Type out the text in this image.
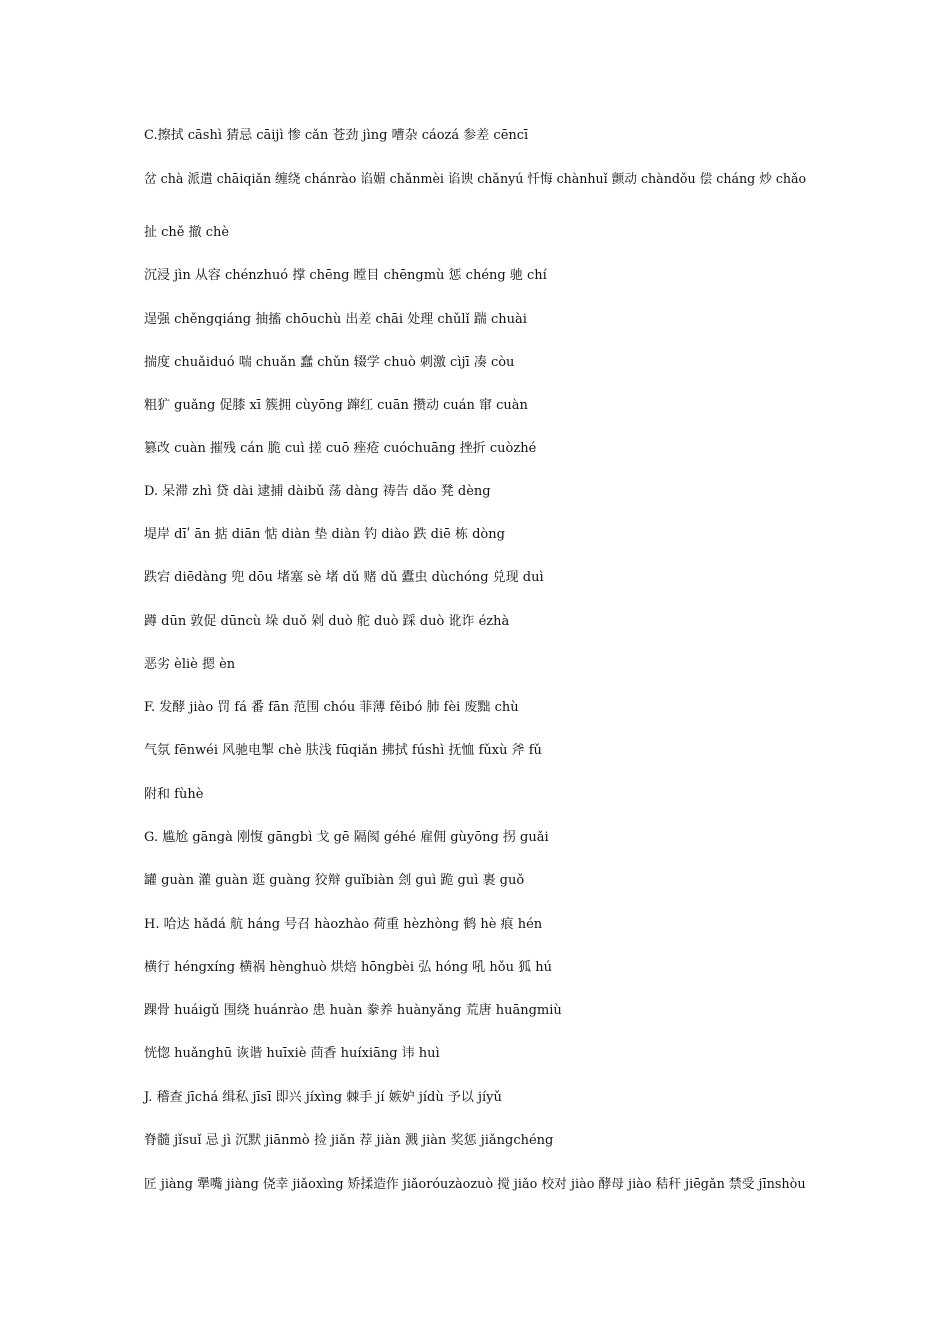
C.擦拭 cāshì 猜忌 cāijì 惨 cǎn 苍劲 jìng 嘈杂 cáozá 参差 cēncī
岔 chà 派遣 chāiqiǎn 缠绕 chánrào 谄媚 chǎnmèi 谄谀 chǎnyú 忏悔 chànhuǐ 颤动 chàndǒu 偿 cháng 炒 chǎo
扯 chě 撤 chè
沉浸 jìn 从容 chénzhuó 撑 chēng 瞠目 chēngmù 惩 chéng 驰 chí
逞强 chěngqiáng 抽搐 chōuchù 出差 chāi 处理 chǔlǐ 踹 chuài
揣度 chuǎiduó 喘 chuǎn 蠢 chǔn 辍学 chuò 刺激 cìjī 凑 còu
粗犷 guǎng 促膝 xī 簇拥 cùyōng 蹿红 cuān 攒动 cuán 窜 cuàn
篡改 cuàn 摧残 cán 脆 cuì 搓 cuō 痤疮 cuóchuāng 挫折 cuòzhé
D. 呆滞 zhì 贷 dài 逮捕 dàibǔ 荡 dàng 祷告 dǎo 凳 dèng
堤岸 dīʹ ān 掂 diān 惦 diàn 垫 diàn 钓 diào 跌 diē 栋 dòng
跌宕 diēdàng 兜 dōu 堵塞 sè 堵 dǔ 赌 dǔ 蠹虫 dùchóng 兑现 duì
蹲 dūn 敦促 dūncù 垛 duǒ 剁 duò 舵 duò 踩 duò 讹诈 ézhà
恶劣 èliè 摁 èn
F. 发酵 jiào 罚 fá 番 fān 范围 chóu 菲薄 fěibó 肺 fèi 废黜 chù
气氛 fēnwéi 风驰电掣 chè 肤浅 fūqiǎn 拂拭 fúshì 抚恤 fǔxù 斧 fǔ
附和 fùhè
G. 尴尬 gāngà 刚愎 gāngbì 戈 gē 隔阂 géhé 雇佣 gùyōng 拐 guǎi
罐 guàn 灌 guàn 逛 guàng 狡辩 guǐbiàn 刽 guì 跪 guì 裹 guǒ
H. 哈达 hǎdá 航 háng 号召 hàozhào 荷重 hèzhòng 鹤 hè 痕 hén
横行 héngxíng 横祸 hènghuò 烘焙 hōngbèi 弘 hóng 吼 hǒu 狐 hú
踝骨 huáigǔ 围绕 huánrào 患 huàn 豢养 huànyǎng 荒唐 huāngmiù
恍惚 huǎnghū 诙谐 huīxiè 茴香 huíxiāng 讳 huì
J. 稽查 jīchá 缉私 jīsī 即兴 jíxìng 棘手 jí 嫉妒 jídù 予以 jíyǔ
脊髓 jǐsuǐ 忌 jì 沉默 jiānmò 捡 jiǎn 荐 jiàn 溅 jiàn 奖惩 jiǎngchéng
匠 jiàng 犟嘴 jiàng 侥幸 jiǎoxìng 矫揉造作 jiǎoróuzàozuò 搅 jiǎo 校对 jiào 酵母 jiào 秸秆 jiēgǎn 禁受 jīnshòu
